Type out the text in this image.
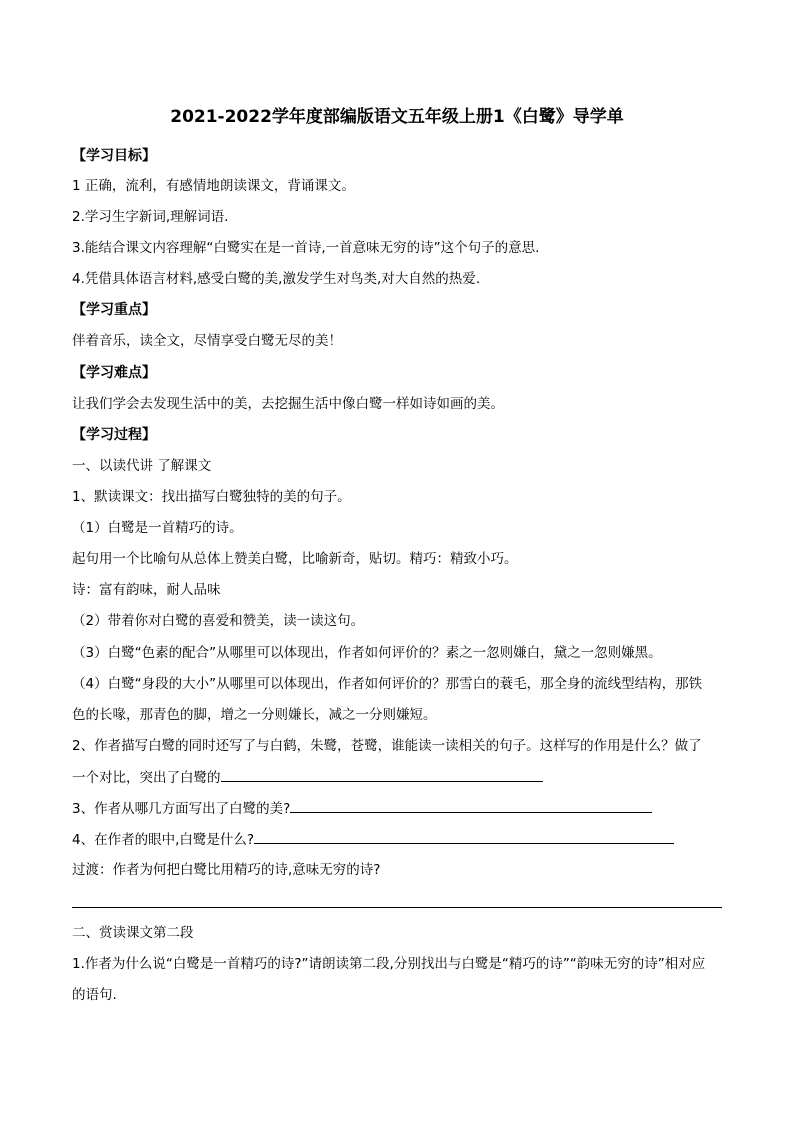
2021-2022学年度部编版语文五年级上册1《白鹭》导学单
【学习目标】
1 正确，流利，有感情地朗读课文，背诵课文。
2.学习生字新词,理解词语.
3.能结合课文内容理解“白鹭实在是一首诗,一首意味无穷的诗”这个句子的意思.
4.凭借具体语言材料,感受白鹭的美,激发学生对鸟类,对大自然的热爱.
【学习重点】
伴着音乐，读全文，尽情享受白鹭无尽的美！
【学习难点】
让我们学会去发现生活中的美，去挖掘生活中像白鹭一样如诗如画的美。
【学习过程】
一、以读代讲 了解课文
1、默读课文：找出描写白鹭独特的美的句子。
（1）白鹭是一首精巧的诗。
起句用一个比喻句从总体上赞美白鹭，比喻新奇，贴切。精巧：精致小巧。
诗：富有韵味，耐人品味
（2）带着你对白鹭的喜爱和赞美，读一读这句。
（3）白鹭“色素的配合”从哪里可以体现出，作者如何评价的？素之一忽则嫌白，黛之一忽则嫌黑。
（4）白鹭“身段的大小”从哪里可以体现出，作者如何评价的？那雪白的蓑毛，那全身的流线型结构，那铁
色的长喙，那青色的脚，增之一分则嫌长，减之一分则嫌短。
2、作者描写白鹭的同时还写了与白鹤，朱鹭，苍鹭，谁能读一读相关的句子。这样写的作用是什么？做了
一个对比，突出了白鹭的
3、作者从哪几方面写出了白鹭的美?
4、在作者的眼中,白鹭是什么?
过渡：作者为何把白鹭比用精巧的诗,意味无穷的诗?
二、赏读课文第二段
1.作者为什么说“白鹭是一首精巧的诗?”请朗读第二段,分别找出与白鹭是“精巧的诗”“韵味无穷的诗”相对应
的语句.
